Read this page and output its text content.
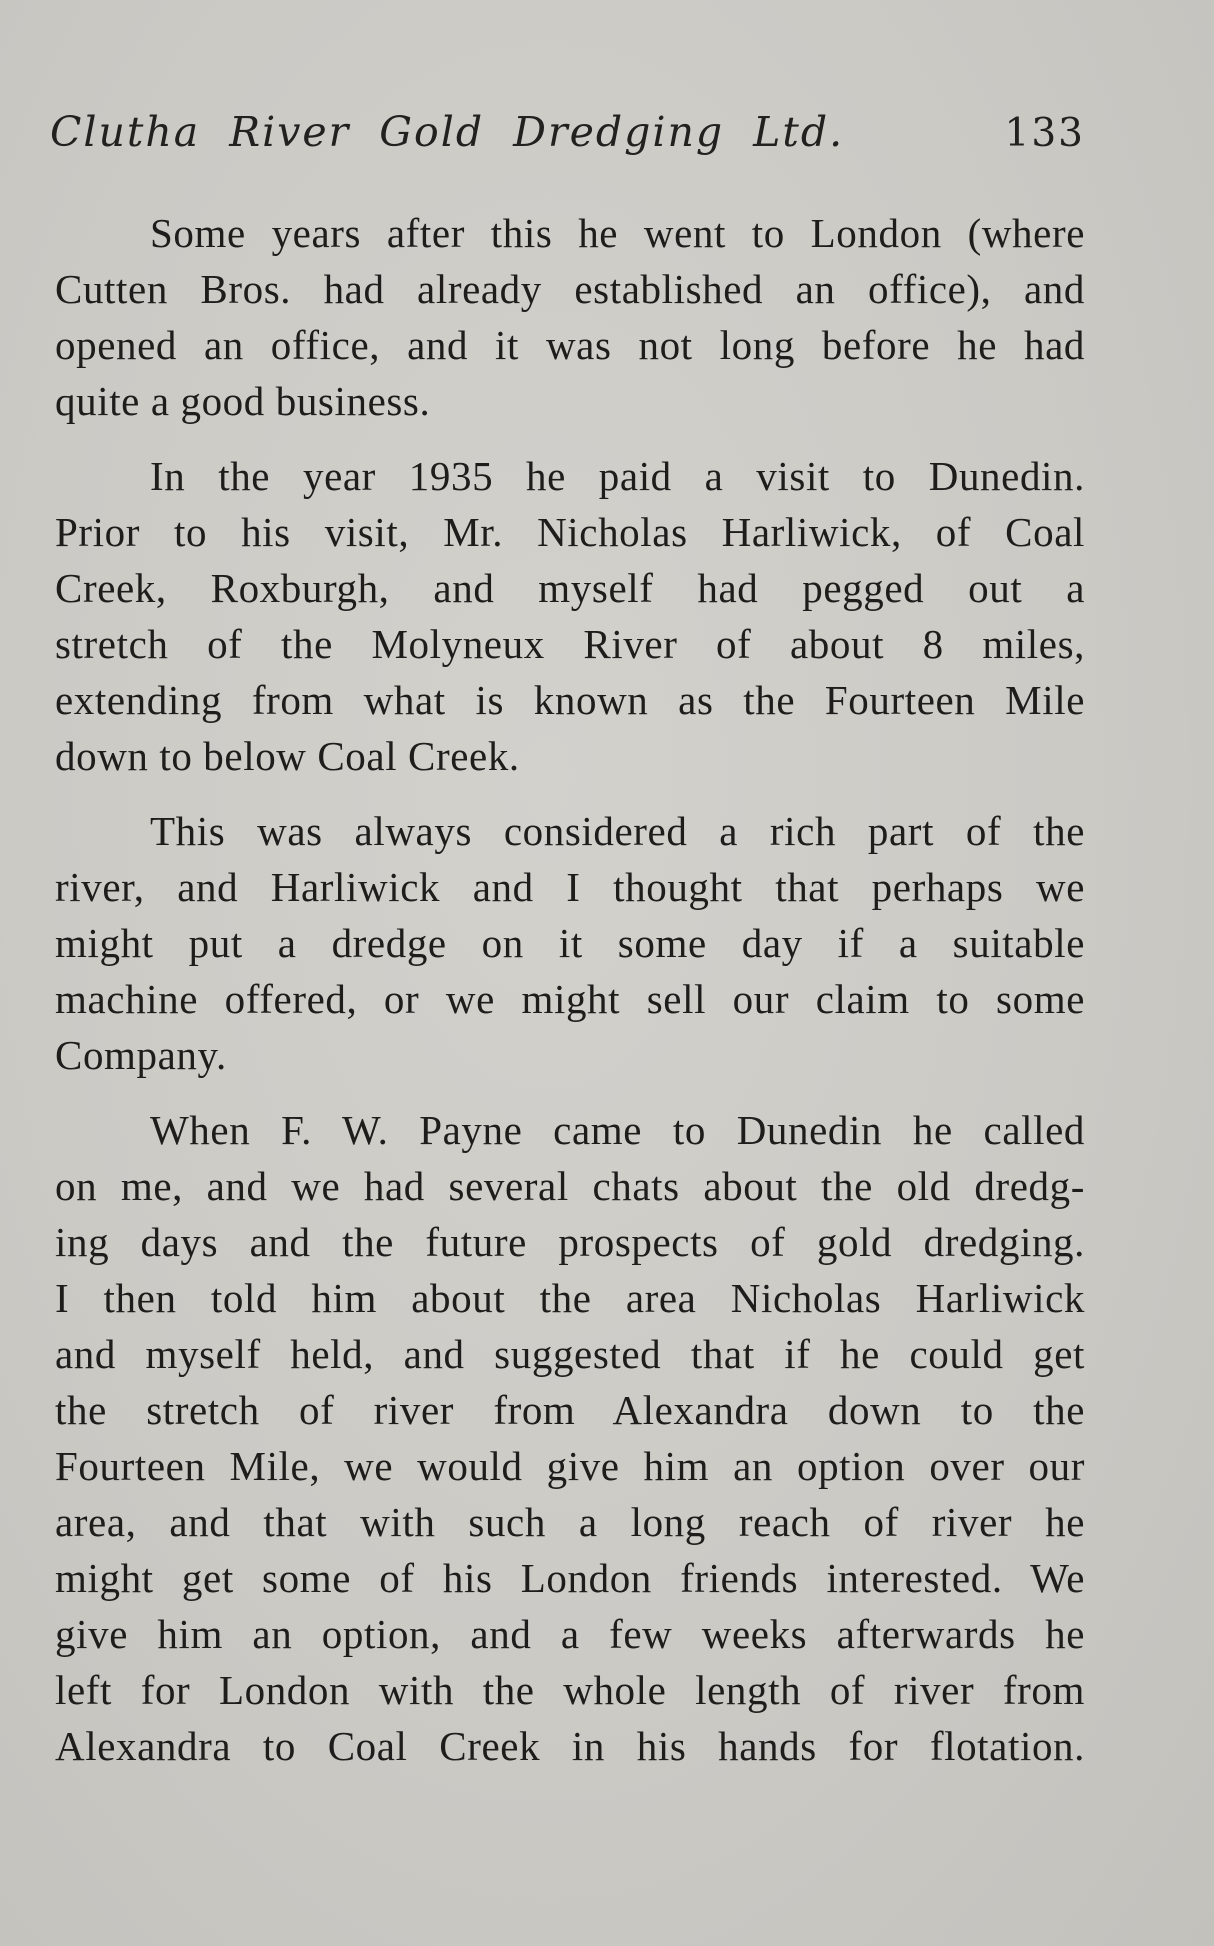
Clutha River Gold Dredging Ltd.	133
Some years after this he went to London (where
Cutten Bros. had already established an office), and
opened an office, and it was not long before he had
quite a good business.
In the year 1935 he paid a visit to Dunedin.
Prior to his visit, Mr. Nicholas Harliwick, of Coal
Creek, Roxburgh, and myself had pegged out a
stretch of the Molyneux River of about 8 miles,
extending from what is known as the Fourteen Mile
down to below Coal Creek.
This was always considered a rich part of the
river, and Harliwick and I thought that perhaps we
might put a dredge on it some day if a suitable
machine offered, or we might sell our claim to some
Company.
When F. W. Payne came to Dunedin he called
on me, and we had several chats about the old dredg-
ing days and the future prospects of gold dredging.
I then told him about the area Nicholas Harliwick
and myself held, and suggested that if he could get
the stretch of river from Alexandra down to the
Fourteen Mile, we would give him an option over our
area, and that with such a long reach of river he
might get some of his London friends interested. We
give him an option, and a few weeks afterwards he
left for London with the whole length of river from
Alexandra to Coal Creek in his hands for flotation.
